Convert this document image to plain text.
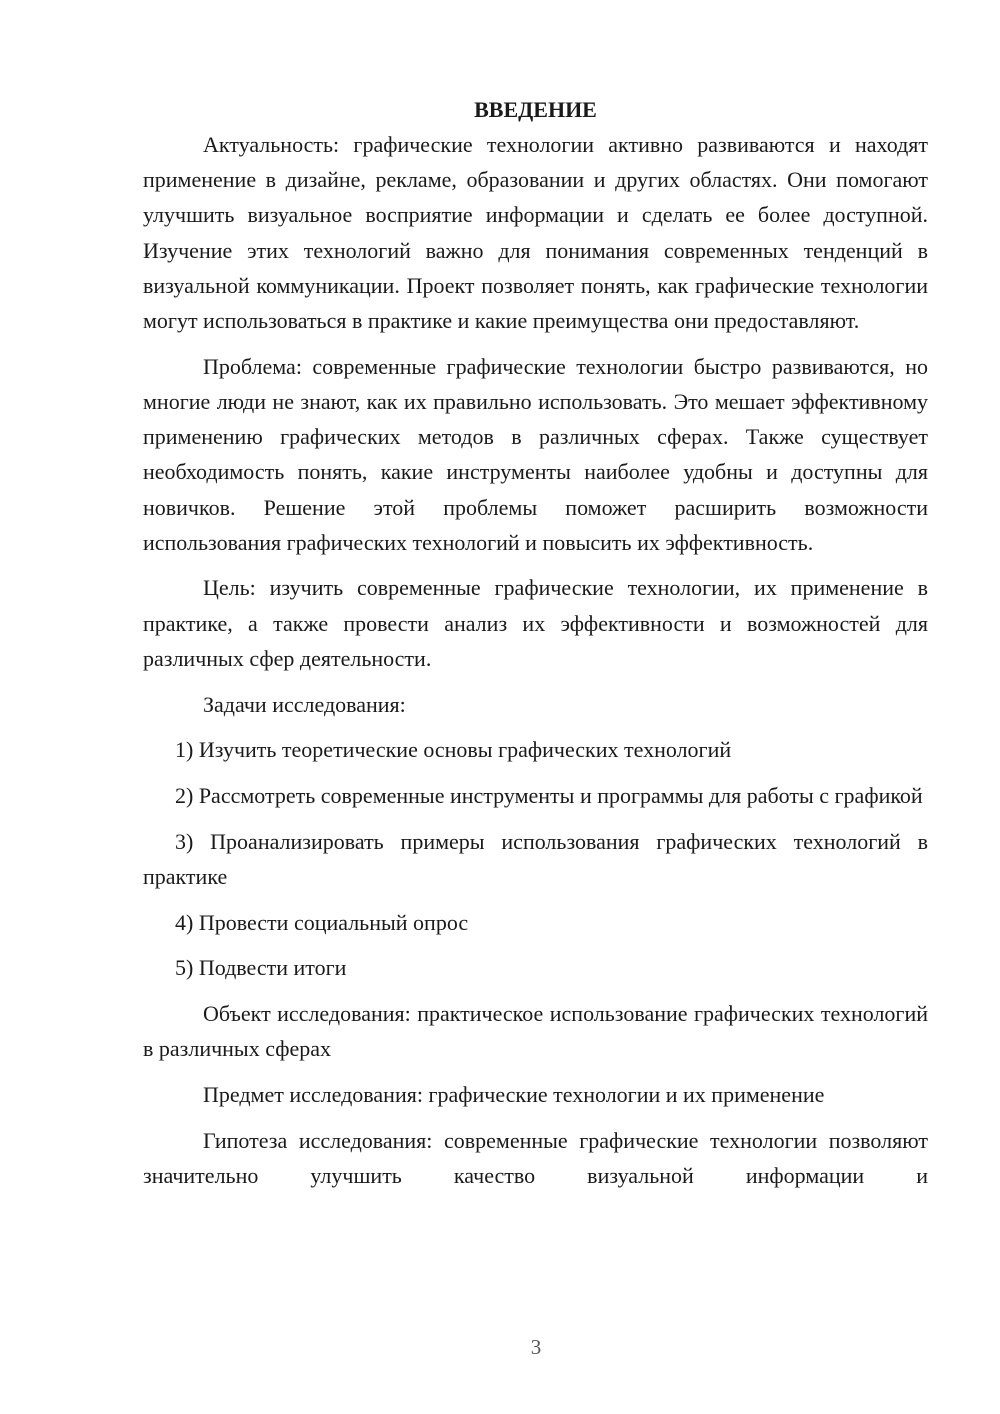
ВВЕДЕНИЕ

Актуальность: графические технологии активно развиваются и находят применение в дизайне, рекламе, образовании и других областях. Они помогают улучшить визуальное восприятие информации и сделать ее более доступной. Изучение этих технологий важно для понимания современных тенденций в визуальной коммуникации. Проект позволяет понять, как графические технологии могут использоваться в практике и какие преимущества они предоставляют.

Проблема: современные графические технологии быстро развиваются, но многие люди не знают, как их правильно использовать. Это мешает эффективному применению графических методов в различных сферах. Также существует необходимость понять, какие инструменты наиболее удобны и доступны для новичков. Решение этой проблемы поможет расширить возможности использования графических технологий и повысить их эффективность.

Цель: изучить современные графические технологии, их применение в практике, а также провести анализ их эффективности и возможностей для различных сфер деятельности.

Задачи исследования:

1) Изучить теоретические основы графических технологий

2) Рассмотреть современные инструменты и программы для работы с графикой

3) Проанализировать примеры использования графических технологий в практике

4) Провести социальный опрос

5) Подвести итоги

Объект исследования: практическое использование графических технологий в различных сферах

Предмет исследования: графические технологии и их применение

Гипотеза исследования: современные графические технологии позволяют значительно улучшить качество визуальной информации и

3
